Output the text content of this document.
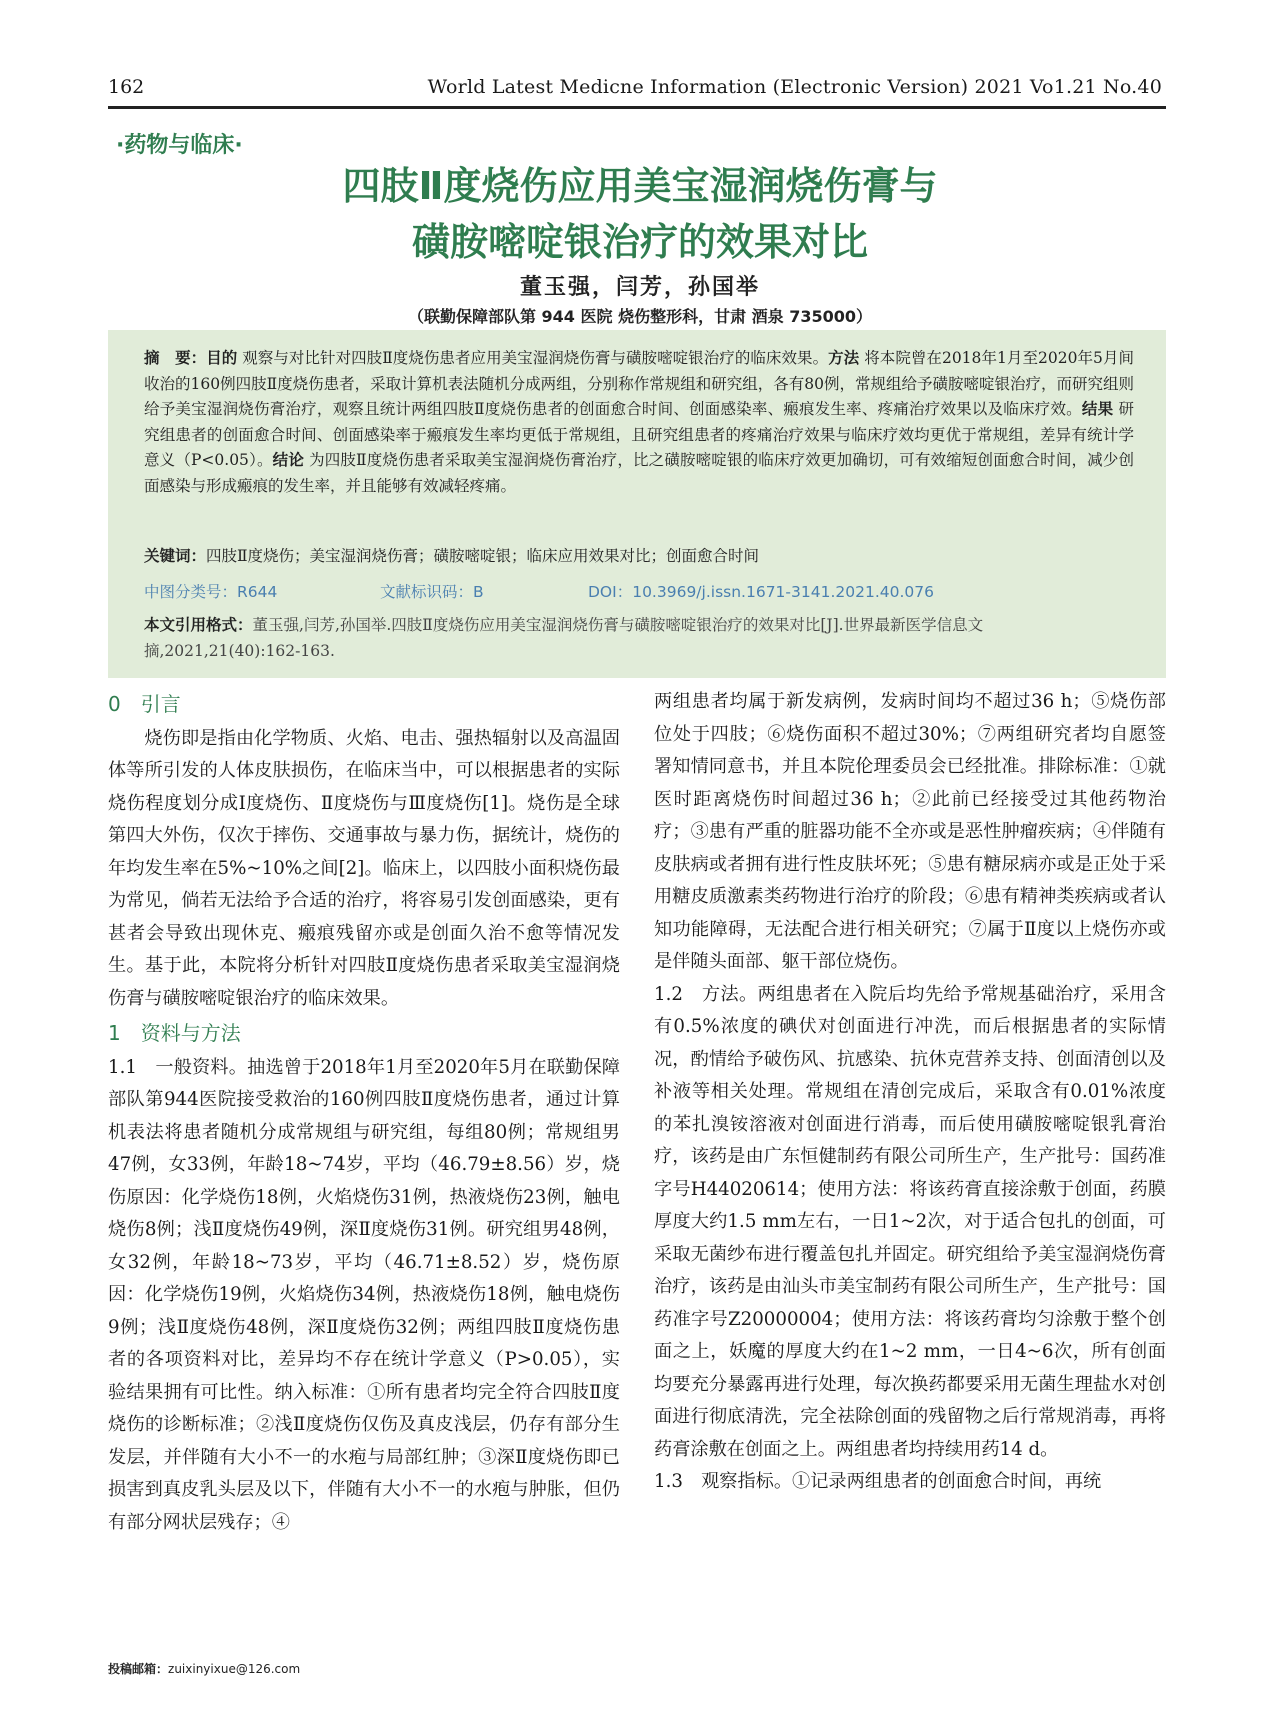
162	World Latest Medicne Information (Electronic Version) 2021 Vo1.21 No.40
·药物与临床·
四肢Ⅱ度烧伤应用美宝湿润烧伤膏与
磺胺嘧啶银治疗的效果对比
董玉强，闫芳，孙国举
（联勤保障部队第 944 医院 烧伤整形科，甘肃 酒泉 735000）
摘　要：目的 观察与对比针对四肢Ⅱ度烧伤患者应用美宝湿润烧伤膏与磺胺嘧啶银治疗的临床效果。方法 将本院曾在2018年1月至2020年5月间收治的160例四肢Ⅱ度烧伤患者，采取计算机表法随机分成两组，分别称作常规组和研究组，各有80例，常规组给予磺胺嘧啶银治疗，而研究组则给予美宝湿润烧伤膏治疗，观察且统计两组四肢Ⅱ度烧伤患者的创面愈合时间、创面感染率、瘢痕发生率、疼痛治疗效果以及临床疗效。结果 研究组患者的创面愈合时间、创面感染率于瘢痕发生率均更低于常规组，且研究组患者的疼痛治疗效果与临床疗效均更优于常规组，差异有统计学意义（P<0.05）。结论 为四肢Ⅱ度烧伤患者采取美宝湿润烧伤膏治疗，比之磺胺嘧啶银的临床疗效更加确切，可有效缩短创面愈合时间，减少创面感染与形成瘢痕的发生率，并且能够有效减轻疼痛。
关键词：四肢Ⅱ度烧伤；美宝湿润烧伤膏；磺胺嘧啶银；临床应用效果对比；创面愈合时间
中图分类号：R644	文献标识码：B	DOI：10.3969/j.issn.1671-3141.2021.40.076
本文引用格式：董玉强,闫芳,孙国举.四肢Ⅱ度烧伤应用美宝湿润烧伤膏与磺胺嘧啶银治疗的效果对比[J].世界最新医学信息文摘,2021,21(40):162-163.
0　引言

烧伤即是指由化学物质、火焰、电击、强热辐射以及高温固体等所引发的人体皮肤损伤，在临床当中，可以根据患者的实际烧伤程度划分成Ⅰ度烧伤、Ⅱ度烧伤与Ⅲ度烧伤[1]。烧伤是全球第四大外伤，仅次于摔伤、交通事故与暴力伤，据统计，烧伤的年均发生率在5%~10%之间[2]。临床上，以四肢小面积烧伤最为常见，倘若无法给予合适的治疗，将容易引发创面感染，更有甚者会导致出现休克、瘢痕残留亦或是创面久治不愈等情况发生。基于此，本院将分析针对四肢Ⅱ度烧伤患者采取美宝湿润烧伤膏与磺胺嘧啶银治疗的临床效果。

1　资料与方法

1.1　一般资料。抽选曾于2018年1月至2020年5月在联勤保障部队第944医院接受救治的160例四肢Ⅱ度烧伤患者，通过计算机表法将患者随机分成常规组与研究组，每组80例；常规组男47例，女33例，年龄18~74岁，平均（46.79±8.56）岁，烧伤原因：化学烧伤18例，火焰烧伤31例，热液烧伤23例，触电烧伤8例；浅Ⅱ度烧伤49例，深Ⅱ度烧伤31例。研究组男48例，女32例，年龄18~73岁，平均（46.71±8.52）岁，烧伤原因：化学烧伤19例，火焰烧伤34例，热液烧伤18例，触电烧伤9例；浅Ⅱ度烧伤48例，深Ⅱ度烧伤32例；两组四肢Ⅱ度烧伤患者的各项资料对比，差异均不存在统计学意义（P>0.05），实验结果拥有可比性。纳入标准：①所有患者均完全符合四肢Ⅱ度烧伤的诊断标准；②浅Ⅱ度烧伤仅伤及真皮浅层，仍存有部分生发层，并伴随有大小不一的水疱与局部红肿；③深Ⅱ度烧伤即已损害到真皮乳头层及以下，伴随有大小不一的水疱与肿胀，但仍有部分网状层残存；④

两组患者均属于新发病例，发病时间均不超过36 h；⑤烧伤部位处于四肢；⑥烧伤面积不超过30%；⑦两组研究者均自愿签署知情同意书，并且本院伦理委员会已经批准。排除标准：①就医时距离烧伤时间超过36 h；②此前已经接受过其他药物治疗；③患有严重的脏器功能不全亦或是恶性肿瘤疾病；④伴随有皮肤病或者拥有进行性皮肤坏死；⑤患有糖尿病亦或是正处于采用糖皮质激素类药物进行治疗的阶段；⑥患有精神类疾病或者认知功能障碍，无法配合进行相关研究；⑦属于Ⅱ度以上烧伤亦或是伴随头面部、躯干部位烧伤。

1.2　方法。两组患者在入院后均先给予常规基础治疗，采用含有0.5%浓度的碘伏对创面进行冲洗，而后根据患者的实际情况，酌情给予破伤风、抗感染、抗休克营养支持、创面清创以及补液等相关处理。常规组在清创完成后，采取含有0.01%浓度的苯扎溴铵溶液对创面进行消毒，而后使用磺胺嘧啶银乳膏治疗，该药是由广东恒健制药有限公司所生产，生产批号：国药准字号H44020614；使用方法：将该药膏直接涂敷于创面，药膜厚度大约1.5 mm左右，一日1~2次，对于适合包扎的创面，可采取无菌纱布进行覆盖包扎并固定。研究组给予美宝湿润烧伤膏治疗，该药是由汕头市美宝制药有限公司所生产，生产批号：国药准字号Z20000004；使用方法：将该药膏均匀涂敷于整个创面之上，妖魔的厚度大约在1~2 mm，一日4~6次，所有创面均要充分暴露再进行处理，每次换药都要采用无菌生理盐水对创面进行彻底清洗，完全祛除创面的残留物之后行常规消毒，再将药膏涂敷在创面之上。两组患者均持续用药14 d。

1.3　观察指标。①记录两组患者的创面愈合时间，再统

投稿邮箱：zuixinyixue@126.com
